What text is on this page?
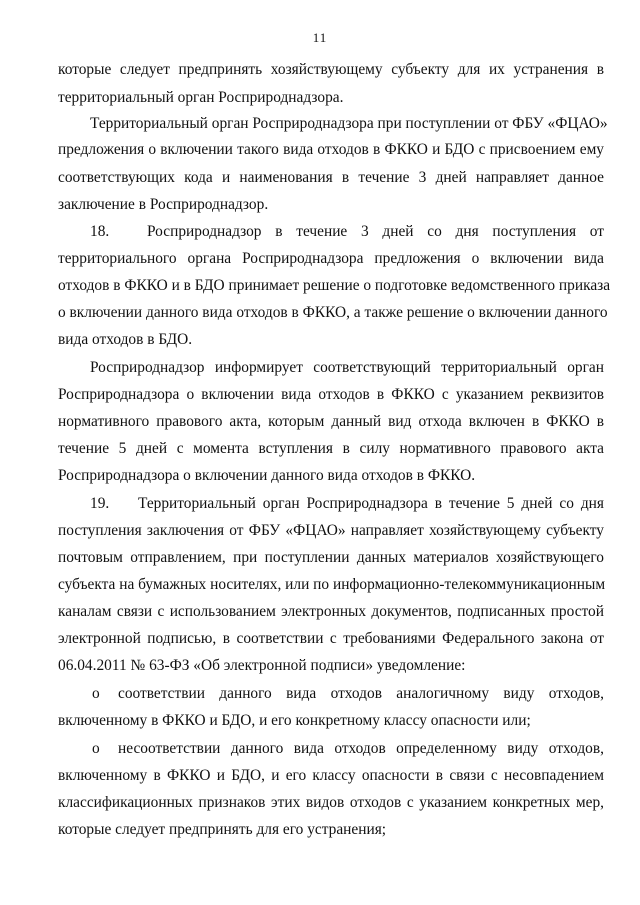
11
которые следует предпринять хозяйствующему субъекту для их устранения в
территориальный орган Росприроднадзора.
Территориальный орган Росприроднадзора при поступлении от ФБУ «ФЦАО»
предложения о включении такого вида отходов в ФККО и БДО с присвоением ему
соответствующих кода и наименования в течение 3 дней направляет данное
заключение в Росприроднадзор.
18. Росприроднадзор в течение 3 дней со дня поступления от
территориального органа Росприроднадзора предложения о включении вида
отходов в ФККО и в БДО принимает решение о подготовке ведомственного приказа
о включении данного вида отходов в ФККО, а также решение о включении данного
вида отходов в БДО.
Росприроднадзор информирует соответствующий территориальный орган
Росприроднадзора о включении вида отходов в ФККО с указанием реквизитов
нормативного правового акта, которым данный вид отхода включен в ФККО в
течение 5 дней с момента вступления в силу нормативного правового акта
Росприроднадзора о включении данного вида отходов в ФККО.
19. Территориальный орган Росприроднадзора в течение 5 дней со дня
поступления заключения от ФБУ «ФЦАО» направляет хозяйствующему субъекту
почтовым отправлением, при поступлении данных материалов хозяйствующего
субъекта на бумажных носителях, или по информационно-телекоммуникационным
каналам связи с использованием электронных документов, подписанных простой
электронной подписью, в соответствии с требованиями Федерального закона от
06.04.2011 № 63-ФЗ «Об электронной подписи» уведомление:
о соответствии данного вида отходов аналогичному виду отходов,
включенному в ФККО и БДО, и его конкретному классу опасности или;
о несоответствии данного вида отходов определенному виду отходов,
включенному в ФККО и БДО, и его классу опасности в связи с несовпадением
классификационных признаков этих видов отходов с указанием конкретных мер,
которые следует предпринять для его устранения;
